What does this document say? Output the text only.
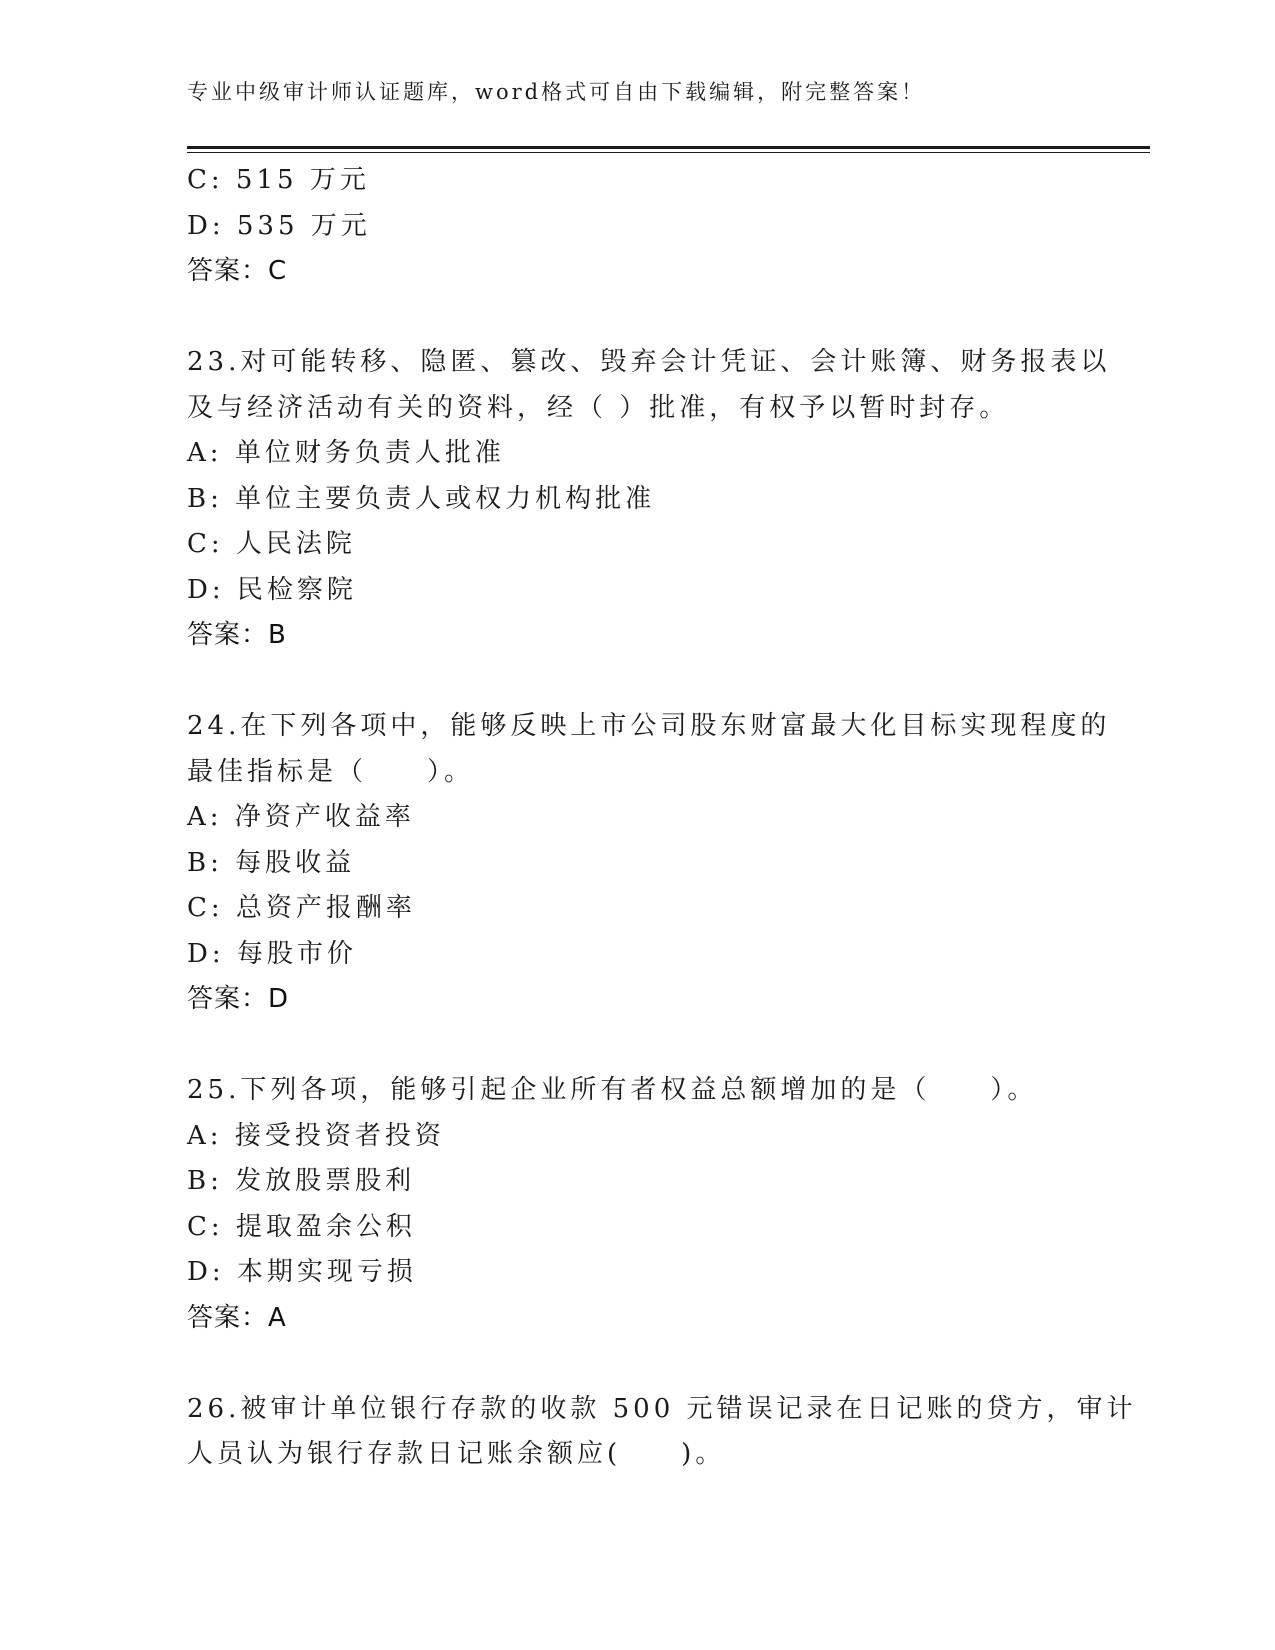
专业中级审计师认证题库，word格式可自由下载编辑，附完整答案！
C: 515 万元
D: 535 万元
答案：C
23.对可能转移、隐匿、篡改、毁弃会计凭证、会计账簿、财务报表以
及与经济活动有关的资料，经（ ）批准，有权予以暂时封存。
A: 单位财务负责人批准
B: 单位主要负责人或权力机构批准
C: 人民法院
D: 民检察院
答案：B
24.在下列各项中，能够反映上市公司股东财富最大化目标实现程度的
最佳指标是（　　）。
A: 净资产收益率
B: 每股收益
C: 总资产报酬率
D: 每股市价
答案：D
25.下列各项，能够引起企业所有者权益总额增加的是（　　）。
A: 接受投资者投资
B: 发放股票股利
C: 提取盈余公积
D: 本期实现亏损
答案：A
26.被审计单位银行存款的收款 500 元错误记录在日记账的贷方，审计
人员认为银行存款日记账余额应(　　)。
